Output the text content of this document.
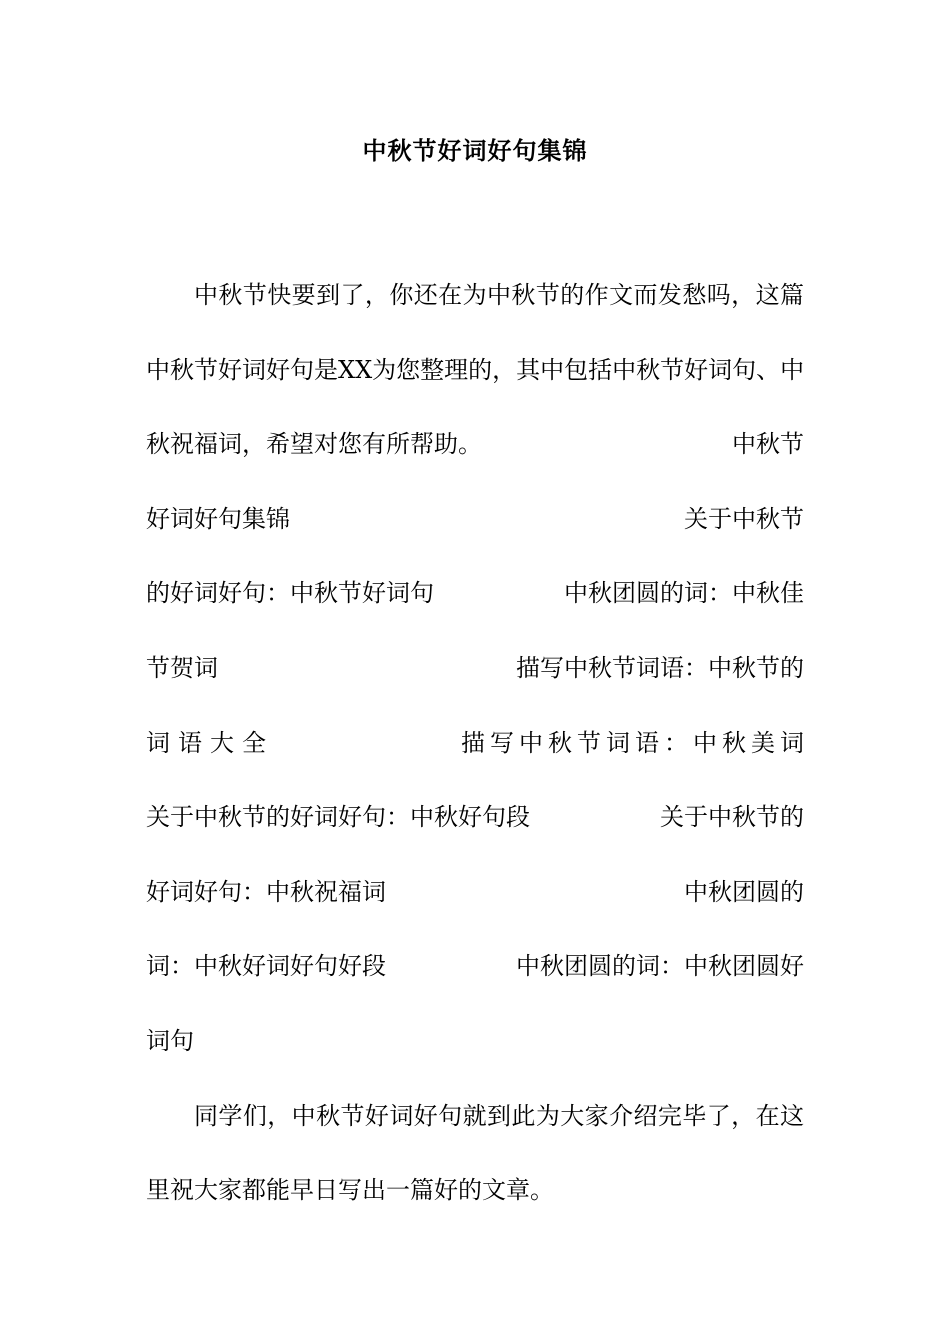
中秋节好词好句集锦
中秋节快要到了，你还在为中秋节的作文而发愁吗，这篇
中秋节好词好句是XX为您整理的，其中包括中秋节好词句、中
秋祝福词，希望对您有所帮助。	中秋节
好词好句集锦	关于中秋节
的好词好句：中秋节好词句	中秋团圆的词：中秋佳
节贺词	描写中秋节词语：中秋节的
词语大全	描写中秋节词语：中秋美词
关于中秋节的好词好句：中秋好句段	关于中秋节的
好词好句：中秋祝福词	中秋团圆的
词：中秋好词好句好段	中秋团圆的词：中秋团圆好
词句
同学们，中秋节好词好句就到此为大家介绍完毕了，在这
里祝大家都能早日写出一篇好的文章。
